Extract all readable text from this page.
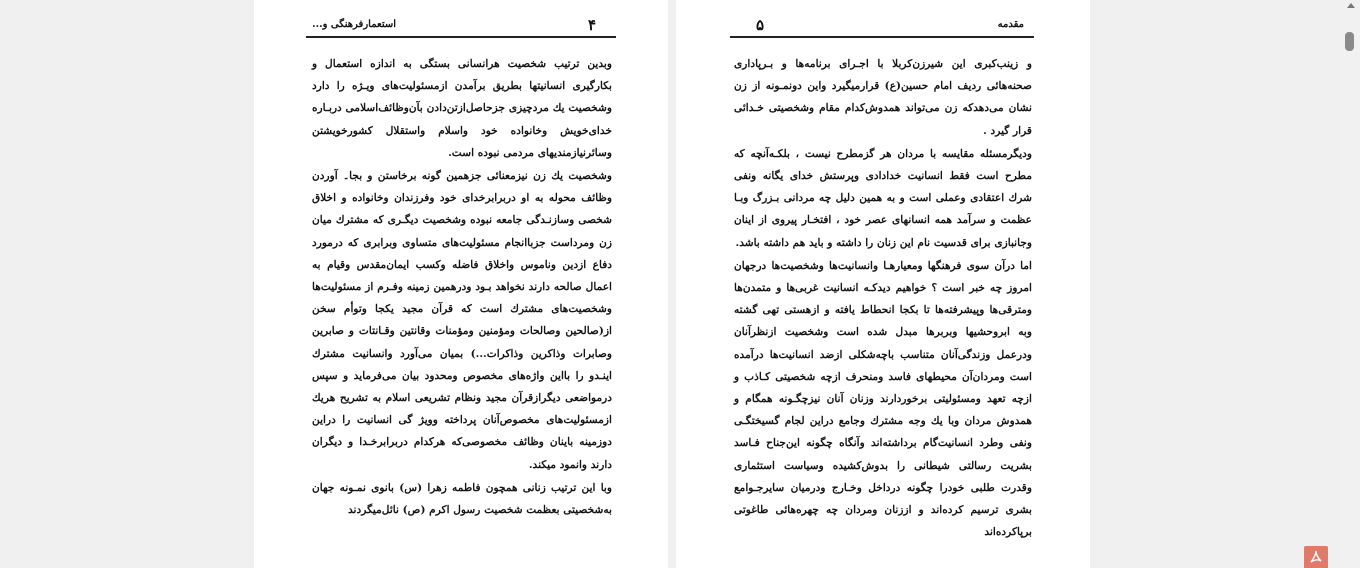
استعمارفرهنگی و...	۴

وبدین ترتیب شخصیت هرانسانی بستگی به اندازه استعمال و بکارگیری انسانیتها بطریق برآمدن ازمسئولیت‌های ویـژه را دارد وشخصیت یك مردچیزی جزحاصل‌ازتن‌دادن بآن‌وظائف‌اسلامی دربـاره خدای‌خویش وخانواده خود واسلام واستقلال کشورخویشتن وسائرنیازمندیهای مردمی نبوده است.

وشخصیت یك زن نیزمعنائی جزهمین گونه برخاستن و بجا۔ آوردن وظائف محوله به او دربرابرخدای خود وفرزندان وخانواده و اخلاق شخصی وسازنـدگی جامعه نبوده وشخصیت دیگـری که مشترك میان زن ومرداست جزباانجام مسئولیت‌های متساوی وبرابری که درمورد دفاع ازدین وناموس واخلاق فاضله وکسب ایمان‌مقدس وقیام به اعمال صالحه دارند نخواهد بـود ودرهمین زمینه وفـرم از مسئولیت‌ها وشخصیت‌های مشترك است که قرآن مجید یکجا وتوأم سخن از(صالحین وصالحات ومؤمنین ومؤمنات وقانتین وقـانتات و صابرین وصابرات وذاکرین وذاکرات...) بمیان می‌آورد وانسانیت مشترك اینـدو را بااین واژه‌های مخصوص ومحدود بیان می‌فرماید و سپس درمواضعی دیگرازقرآن مجید ونظام تشریعی اسلام به تشریح هریك ازمسئولیت‌های مخصوص‌آنان پرداخته وویژ گی انسانیت را دراین دوزمینه باینان وظائف مخصوصی‌که هرکدام دربرابرخـدا و دیگران دارند وانمود میکند.

وبا این ترتیب زنانی همچون فاطمه زهرا (س) بانوی نمـونه جهان به‌شخصیتی بعظمت شخصیت رسول اکرم (ص) نائل‌میگردند

مقدمه
۵

و زینب‌کبری این شیرزن‌کربلا با اجـرای برنامه‌ها و بـرپاداری صحنه‌هائی ردیف امام حسین(ع) قرارمیگیرد واین دونمـونه از زن نشان می‌دهدکه زن می‌تواند همدوش‌کدام مقام وشخصیتی خـدائی قرار گیرد .

ودیگرمسئله مقایسه با مردان هر گزمطرح نیست ، بلکـه‌آنچه که مطرح است فقط انسانیت خدادادی وپرستش خدای یگانه ونفی شرك اعتقادی وعملی است و به همین دلیل چه مردانی بـزرگ وبـا عظمت و سرآمد همه انسانهای عصر خود ، افتخـار پیروی از اینان وجانبازی برای قدسیت نام این زنان را داشته و باید هم داشته باشد.

اما درآن سوی فرهنگها ومعیارهـا وانسانیت‌ها وشخصیت‌ها درجهان امروز چه خبر است ؟ خواهیم دیدکـه انسانیت غربی‌ها و متمدن‌ها ومترقی‌ها وپیشرفته‌ها تا بکجا انحطاط یافته و ازهستی تهی گشته وبه ابروحشیها وبربرها مبدل شده است وشخصیت ازنظرآنان ودرعمل وزندگی‌آنان متناسب باچه‌شکلی ازضد انسانیت‌ها درآمده است ومردان‌آن محیطهای فاسد ومنحرف ازچه شخصیتی کـاذب و ازچه تعهد ومسئولیتی برخوردارند وزنان آنان نیزچگـونه همگام و همدوش مردان وبا یك وجه مشترك وجامع دراین لجام گسیختگـی ونفی وطرد انسانیت‌گام برداشته‌اند وآنگاه چگونه این‌جناح فـاسد بشریت رسالتی شیطانی را بدوش‌کشیده وسیاست استثماری وقدرت طلبی خودرا چگونه درداخل وخـارج ودرمیان سایرجـوامع بشری ترسیم کرده‌اند و اززنان ومردان چه چهره‌هائی طاغوتی برپاکرده‌اند
